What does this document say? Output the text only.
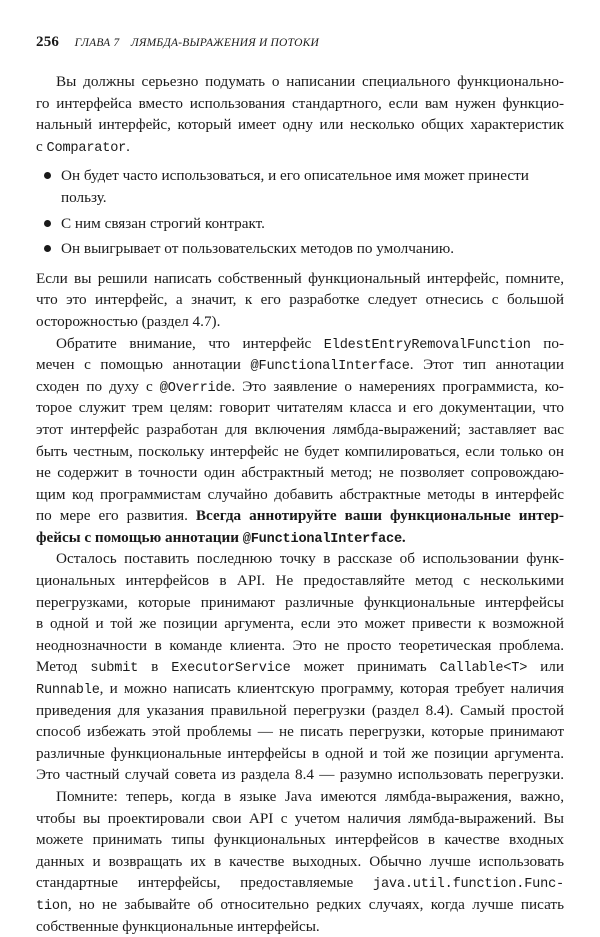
256 ГЛАВА 7 ЛЯМБДА-ВЫРАЖЕНИЯ И ПОТОКИ
Вы должны серьезно подумать о написании специального функционально-
го интерфейса вместо использования стандартного, если вам нужен функцио-
нальный интерфейс, который имеет одну или несколько общих характеристик
с Comparator.
Он будет часто использоваться, и его описательное имя может принести
пользу.
С ним связан строгий контракт.
Он выигрывает от пользовательских методов по умолчанию.
Если вы решили написать собственный функциональный интерфейс, помните,
что это интерфейс, а значит, к его разработке следует отнесись с большой
осторожностью (раздел 4.7).
Обратите внимание, что интерфейс EldestEntryRemovalFunction по-
мечен с помощью аннотации @FunctionalInterface. Этот тип аннотации
сходен по духу с @Override. Это заявление о намерениях программиста, ко-
торое служит трем целям: говорит читателям класса и его документации, что
этот интерфейс разработан для включения лямбда-выражений; заставляет вас
быть честным, поскольку интерфейс не будет компилироваться, если только он
не содержит в точности один абстрактный метод; не позволяет сопровождаю-
щим код программистам случайно добавить абстрактные методы в интерфейс
по мере его развития. Всегда аннотируйте ваши функциональные интер-
фейсы с помощью аннотации @FunctionalInterface.
Осталось поставить последнюю точку в рассказе об использовании функ-
циональных интерфейсов в API. Не предоставляйте метод с несколькими
перегрузками, которые принимают различные функциональные интерфейсы
в одной и той же позиции аргумента, если это может привести к возможной
неоднозначности в команде клиента. Это не просто теоретическая проблема.
Метод submit в ExecutorService может принимать Callable<T> или
Runnable, и можно написать клиентскую программу, которая требует наличия
приведения для указания правильной перегрузки (раздел 8.4). Самый простой
способ избежать этой проблемы — не писать перегрузки, которые принимают
различные функциональные интерфейсы в одной и той же позиции аргумента.
Это частный случай совета из раздела 8.4 — разумно использовать перегрузки.
Помните: теперь, когда в языке Java имеются лямбда-выражения, важно,
чтобы вы проектировали свои API с учетом наличия лямбда-выражений. Вы
можете принимать типы функциональных интерфейсов в качестве входных
данных и возвращать их в качестве выходных. Обычно лучше использовать
стандартные интерфейсы, предоставляемые java.util.function.Func-
tion, но не забывайте об относительно редких случаях, когда лучше писать
собственные функциональные интерфейсы.
